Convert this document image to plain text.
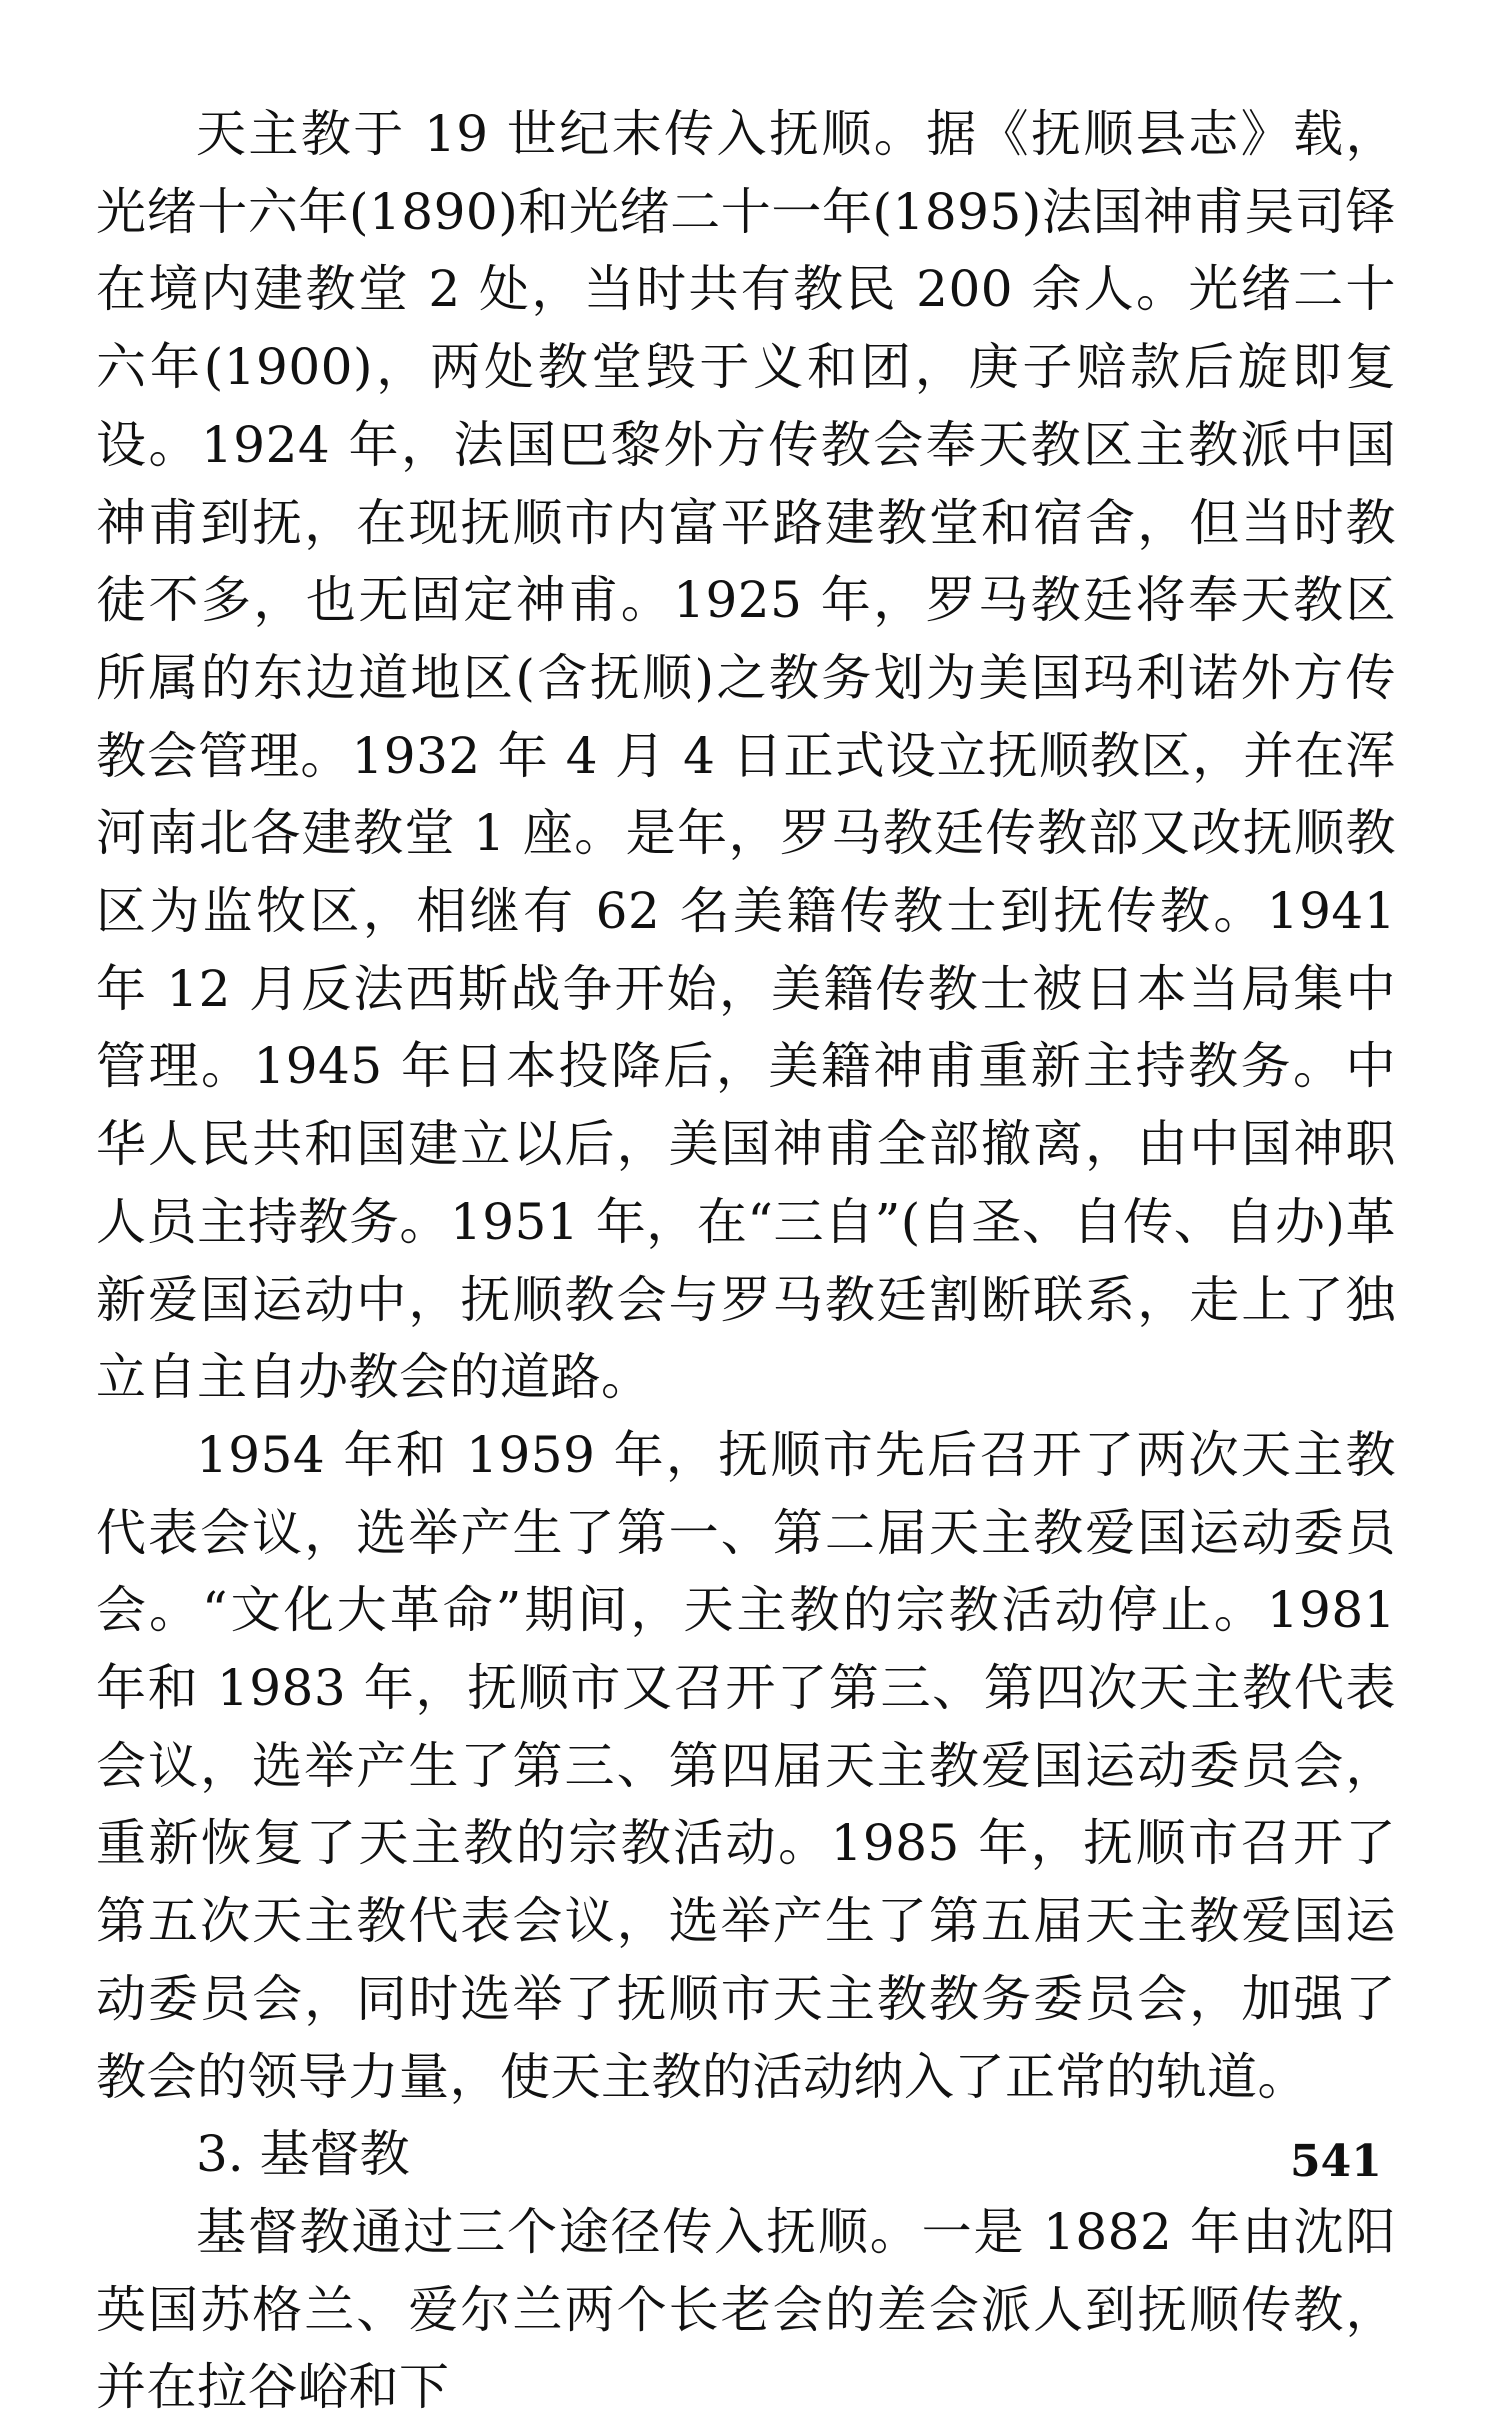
天主教于 19 世纪末传入抚顺。据《抚顺县志》载，光绪十六年(1890)和光绪二十一年(1895)法国神甫吴司铎在境内建教堂 2 处，当时共有教民 200 余人。光绪二十六年(1900)，两处教堂毁于义和团，庚子赔款后旋即复设。1924 年，法国巴黎外方传教会奉天教区主教派中国神甫到抚，在现抚顺市内富平路建教堂和宿舍，但当时教徒不多，也无固定神甫。1925 年，罗马教廷将奉天教区所属的东边道地区(含抚顺)之教务划为美国玛利诺外方传教会管理。1932 年 4 月 4 日正式设立抚顺教区，并在浑河南北各建教堂 1 座。是年，罗马教廷传教部又改抚顺教区为监牧区，相继有 62 名美籍传教士到抚传教。1941 年 12 月反法西斯战争开始，美籍传教士被日本当局集中管理。1945 年日本投降后，美籍神甫重新主持教务。中华人民共和国建立以后，美国神甫全部撤离，由中国神职人员主持教务。1951 年，在“三自”(自圣、自传、自办)革新爱国运动中，抚顺教会与罗马教廷割断联系，走上了独立自主自办教会的道路。

1954 年和 1959 年，抚顺市先后召开了两次天主教代表会议，选举产生了第一、第二届天主教爱国运动委员会。“文化大革命”期间，天主教的宗教活动停止。1981 年和 1983 年，抚顺市又召开了第三、第四次天主教代表会议，选举产生了第三、第四届天主教爱国运动委员会，重新恢复了天主教的宗教活动。1985 年，抚顺市召开了第五次天主教代表会议，选举产生了第五届天主教爱国运动委员会，同时选举了抚顺市天主教教务委员会，加强了教会的领导力量，使天主教的活动纳入了正常的轨道。

3. 基督教

基督教通过三个途径传入抚顺。一是 1882 年由沈阳英国苏格兰、爱尔兰两个长老会的差会派人到抚顺传教，并在拉谷峪和下

541
